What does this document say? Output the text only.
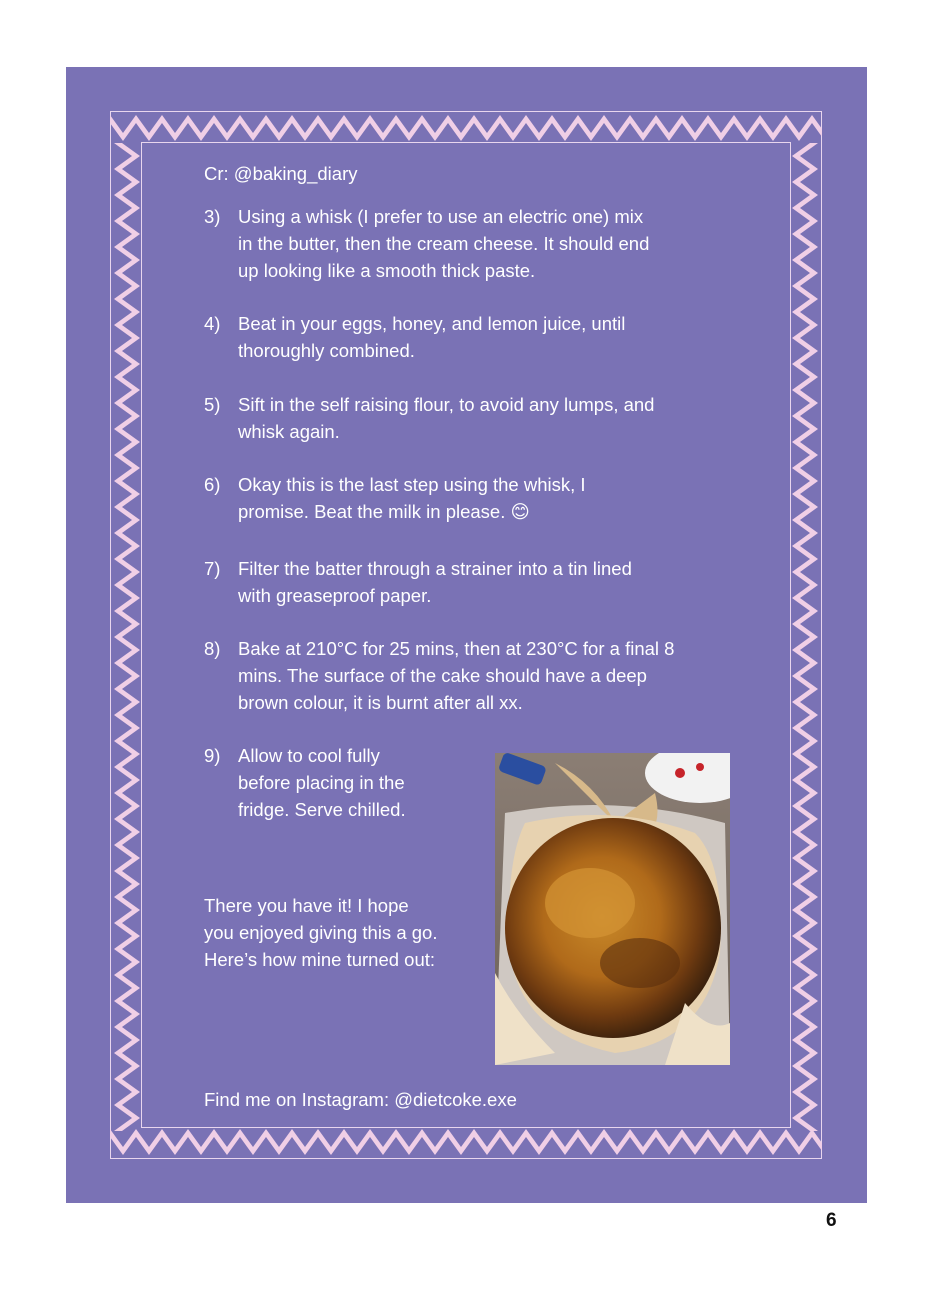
Cr: @baking_diary
3) Using a whisk (I prefer to use an electric one) mix
in the butter, then the cream cheese. It should end
up looking like a smooth thick paste.
4) Beat in your eggs, honey, and lemon juice, until
thoroughly combined.
5) Sift in the self raising flour, to avoid any lumps, and
whisk again.
6) Okay this is the last step using the whisk, I
promise. Beat the milk in please. 😊
7) Filter the batter through a strainer into a tin lined
with greaseproof paper.
8) Bake at 210°C for 25 mins, then at 230°C for a final 8
mins. The surface of the cake should have a deep
brown colour, it is burnt after all xx.
9) Allow to cool fully
before placing in the
fridge. Serve chilled.
There you have it! I hope
you enjoyed giving this a go.
Here’s how mine turned out:
Find me on Instagram: @dietcoke.exe
6
